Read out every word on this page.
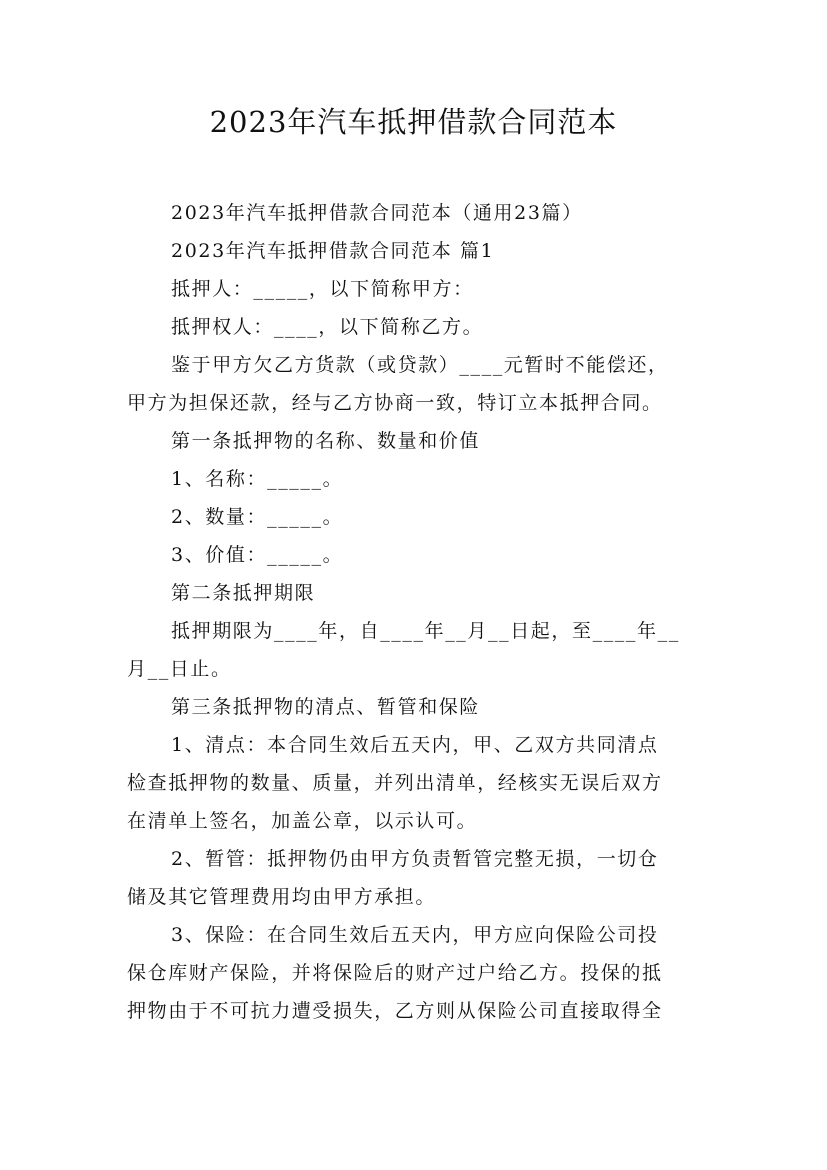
2023年汽车抵押借款合同范本

2023年汽车抵押借款合同范本（通用23篇）

2023年汽车抵押借款合同范本 篇1

抵押人：_____，以下简称甲方：

抵押权人：____，以下简称乙方。

鉴于甲方欠乙方货款（或贷款）____元暂时不能偿还，

甲方为担保还款，经与乙方协商一致，特订立本抵押合同。

第一条抵押物的名称、数量和价值

1、名称：_____。

2、数量：_____。

3、价值：_____。

第二条抵押期限

抵押期限为____年，自____年__月__日起，至____年__

月__日止。

第三条抵押物的清点、暂管和保险

1、清点：本合同生效后五天内，甲、乙双方共同清点

检查抵押物的数量、质量，并列出清单，经核实无误后双方

在清单上签名，加盖公章，以示认可。

2、暂管：抵押物仍由甲方负责暂管完整无损，一切仓

储及其它管理费用均由甲方承担。

3、保险：在合同生效后五天内，甲方应向保险公司投

保仓库财产保险，并将保险后的财产过户给乙方。投保的抵

押物由于不可抗力遭受损失，乙方则从保险公司直接取得全
